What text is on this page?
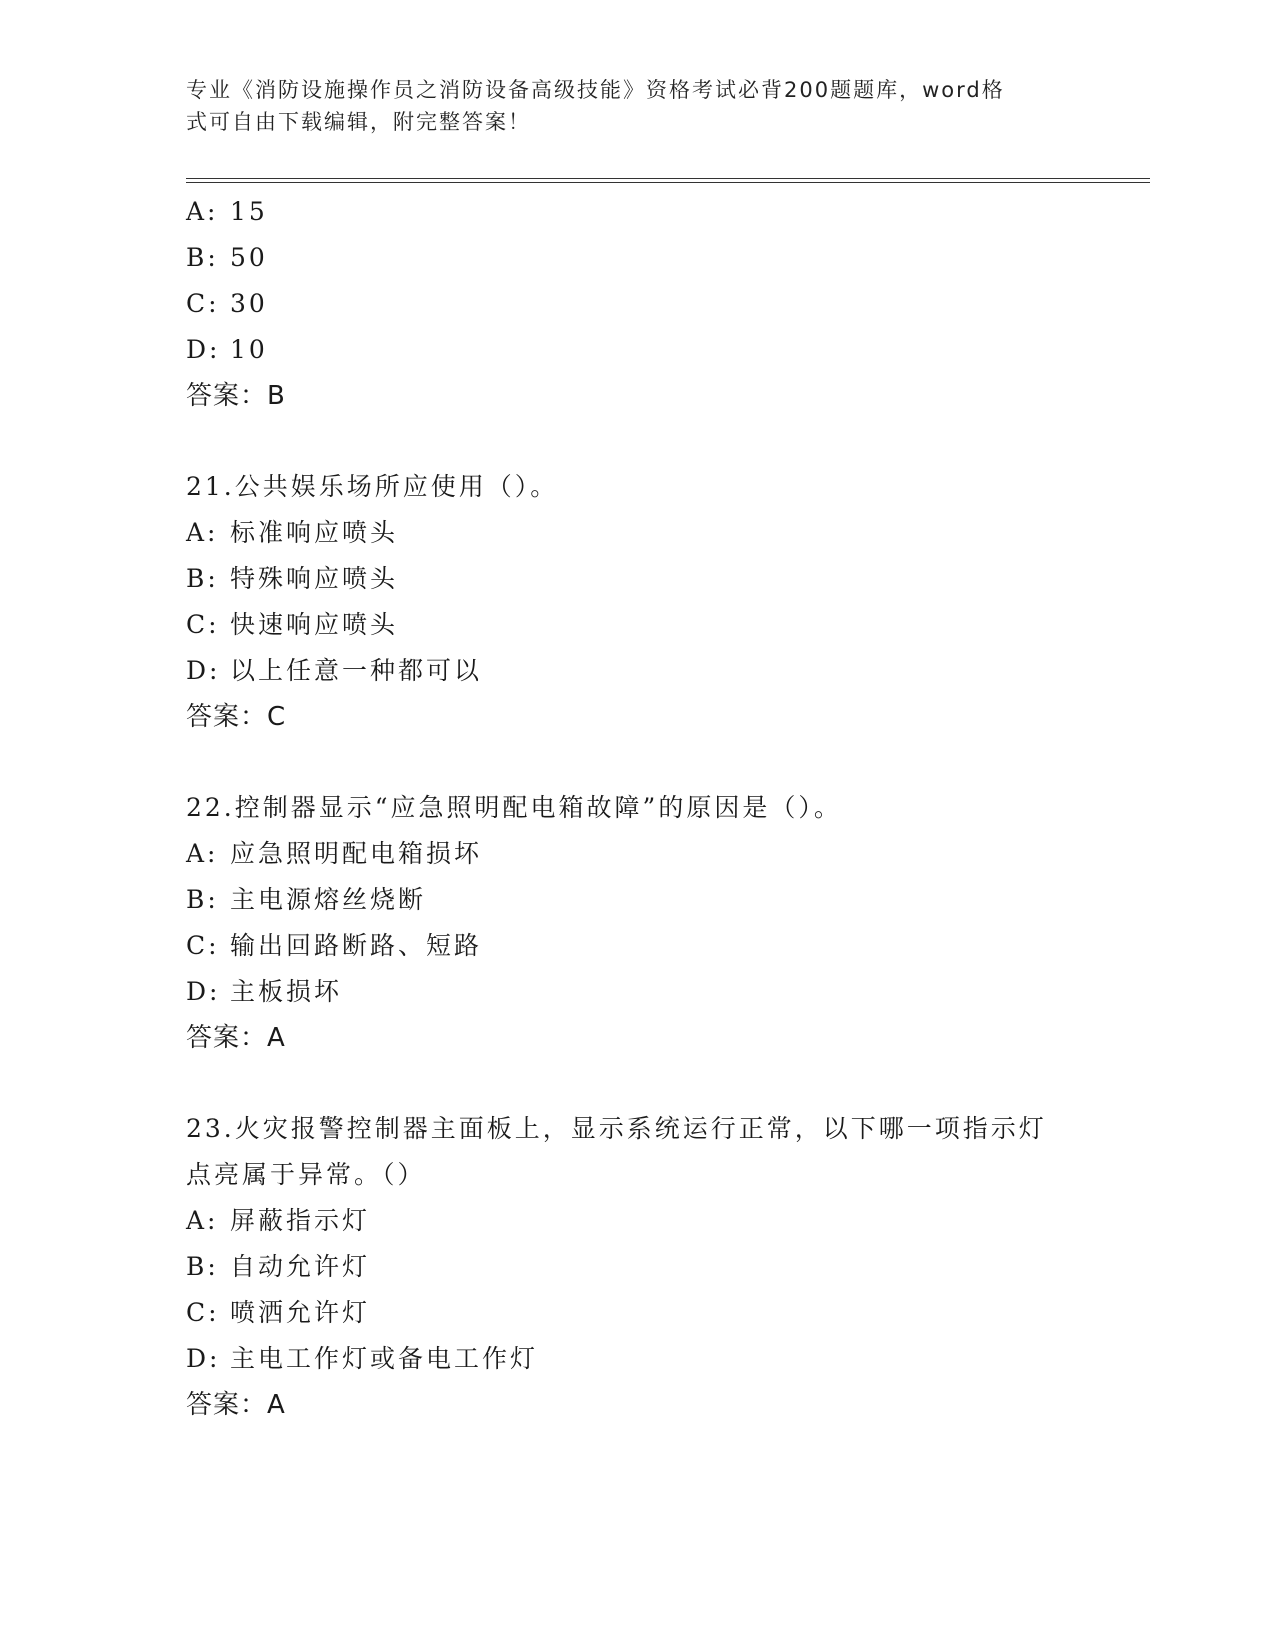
专业《消防设施操作员之消防设备高级技能》资格考试必背200题题库，word格
式可自由下载编辑，附完整答案！
A: 15
B: 50
C: 30
D: 10
答案：B
21.公共娱乐场所应使用（）。
A: 标准响应喷头
B: 特殊响应喷头
C: 快速响应喷头
D: 以上任意一种都可以
答案：C
22.控制器显示“应急照明配电箱故障”的原因是（）。
A: 应急照明配电箱损坏
B: 主电源熔丝烧断
C: 输出回路断路、短路
D: 主板损坏
答案：A
23.火灾报警控制器主面板上，显示系统运行正常，以下哪一项指示灯
点亮属于异常。（）
A: 屏蔽指示灯
B: 自动允许灯
C: 喷洒允许灯
D: 主电工作灯或备电工作灯
答案：A
